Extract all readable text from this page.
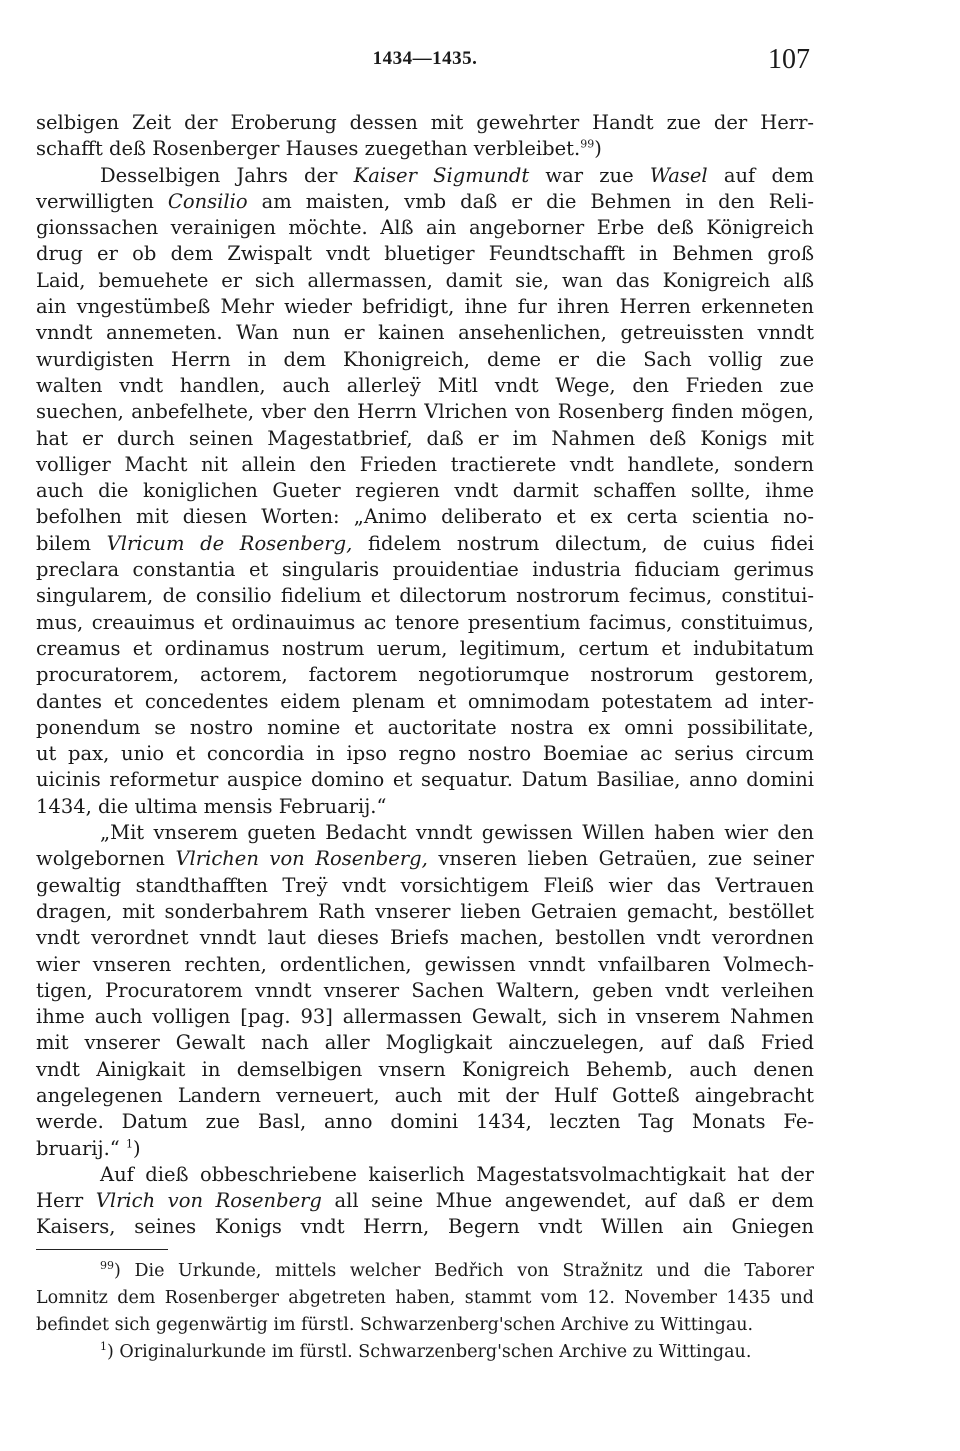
1434—1435.	107
selbigen Zeit der Eroberung dessen mit gewehrter Handt zue der Herr-
schafft deß Rosenberger Hauses zuegethan verbleibet.$^{99}$)
Desselbigen Jahrs der Kaiser Sigmundt war zue Wasel auf dem
verwilligten Consilio am maisten, vmb daß er die Behmen in den Reli-
gionssachen verainigen möchte. Alß ain angeborner Erbe deß Königreich
drug er ob dem Zwispalt vndt bluetiger Feundtschafft in Behmen groß
Laid, bemuehete er sich allermassen, damit sie, wan das Konigreich alß
ain vngestümbeß Mehr wieder befridigt, ihne fur ihren Herren erkenneten
vnndt annemeten. Wan nun er kainen ansehenlichen, getreuissten vnndt
wurdigisten Herrn in dem Khonigreich, deme er die Sach vollig zue
walten vndt handlen, auch allerleӱ Mitl vndt Wege, den Frieden zue
suechen, anbefelhete, vber den Herrn Vlrichen von Rosenberg finden mögen,
hat er durch seinen Magestatbrief, daß er im Nahmen deß Konigs mit
volliger Macht nit allein den Frieden tractierete vndt handlete, sondern
auch die koniglichen Gueter regieren vndt darmit schaffen sollte, ihme
befolhen mit diesen Worten: „Animo deliberato et ex certa scientia no-
bilem Vlricum de Rosenberg, fidelem nostrum dilectum, de cuius fidei
preclara constantia et singularis prouidentiae industria fiduciam gerimus
singularem, de consilio fidelium et dilectorum nostrorum fecimus, constitui-
mus, creauimus et ordinauimus ac tenore presentium facimus, constituimus,
creamus et ordinamus nostrum uerum, legitimum, certum et indubitatum
procuratorem, actorem, factorem negotiorumque nostrorum gestorem,
dantes et concedentes eidem plenam et omnimodam potestatem ad inter-
ponendum se nostro nomine et auctoritate nostra ex omni possibilitate,
ut pax, unio et concordia in ipso regno nostro Boemiae ac serius circum
uicinis reformetur auspice domino et sequatur. Datum Basiliae, anno domini
1434, die ultima mensis Februarij.“
„Mit vnserem gueten Bedacht vnndt gewissen Willen haben wier den
wolgebornen Vlrichen von Rosenberg, vnseren lieben Getraüen, zue seiner
gewaltig standthafften Treӱ vndt vorsichtigem Fleiß wier das Vertrauen
dragen, mit sonderbahrem Rath vnserer lieben Getraien gemacht, bestöllet
vndt verordnet vnndt laut dieses Briefs machen, bestollen vndt verordnen
wier vnseren rechten, ordentlichen, gewissen vnndt vnfailbaren Volmech-
tigen, Procuratorem vnndt vnserer Sachen Waltern, geben vndt verleihen
ihme auch volligen [pag. 93] allermassen Gewalt, sich in vnserem Nahmen
mit vnserer Gewalt nach aller Mogligkait ainczuelegen, auf daß Fried
vndt Ainigkait in demselbigen vnsern Konigreich Behemb, auch denen
angelegenen Landern verneuert, auch mit der Hulf Gotteß aingebracht
werde. Datum zue Basl, anno domini 1434, leczten Tag Monats Fe-
bruarij.“ $^1$)
Auf dieß obbeschriebene kaiserlich Magestatsvolmachtigkait hat der
Herr Vlrich von Rosenberg all seine Mhue angewendet, auf daß er dem
Kaisers, seines Konigs vndt Herrn, Begern vndt Willen ain Gniegen
$^{99}$) Die Urkunde, mittels welcher Bedřich von Stražnitz und die Taborer
Lomnitz dem Rosenberger abgetreten haben, stammt vom 12. November 1435 und
befindet sich gegenwärtig im fürstl. Schwarzenberg'schen Archive zu Wittingau.
$^1$) Originalurkunde im fürstl. Schwarzenberg'schen Archive zu Wittingau.
